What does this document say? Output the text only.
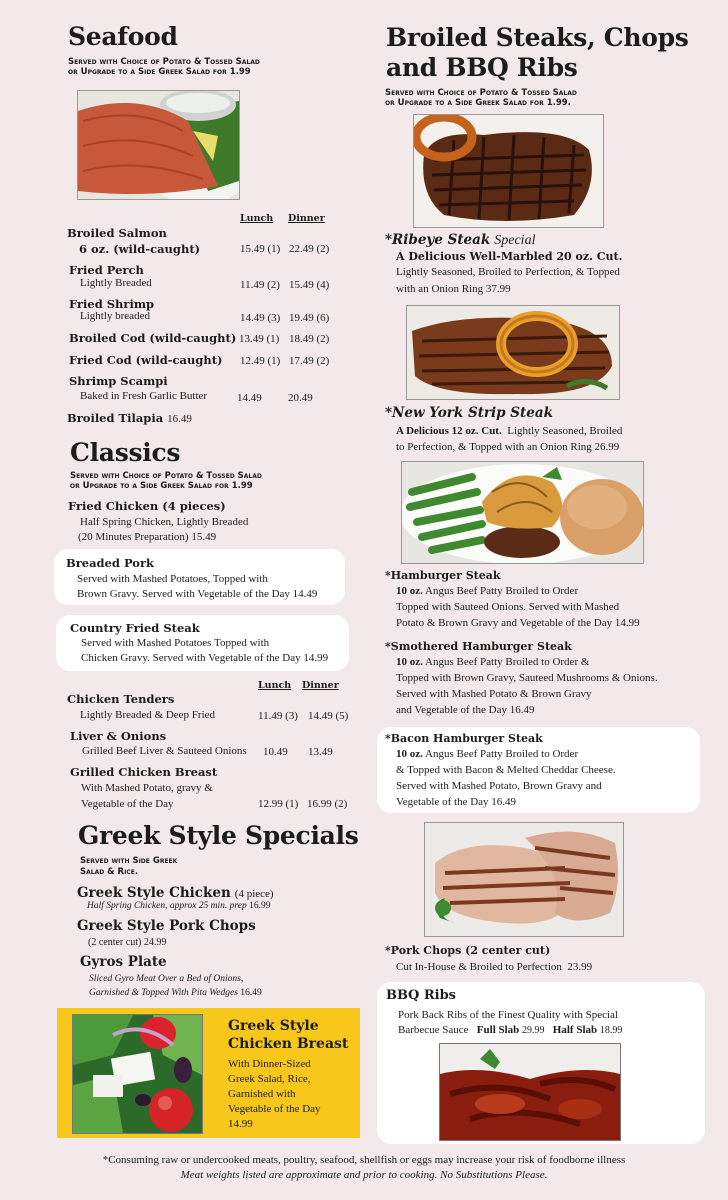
Seafood
Served with Choice of Potato & Tossed Salad
or Upgrade to a Side Greek Salad for 1.99
Lunch Dinner
Broiled Salmon
6 oz. (wild-caught)	15.49 (1) 22.49 (2)
Fried Perch
Lightly Breaded	11.49 (2) 15.49 (4)
Fried Shrimp
Lightly breaded	14.49 (3) 19.49 (6)
Broiled Cod (wild-caught) 13.49 (1) 18.49 (2)
Fried Cod (wild-caught) 12.49 (1) 17.49 (2)
Shrimp Scampi
Baked in Fresh Garlic Butter	14.49 20.49
Broiled Tilapia 16.49
Classics
Served with Choice of Potato & Tossed Salad
or Upgrade to a Side Greek Salad for 1.99
Fried Chicken (4 pieces)
Half Spring Chicken, Lightly Breaded
(20 Minutes Preparation) 15.49
Breaded Pork
Served with Mashed Potatoes, Topped with
Brown Gravy. Served with Vegetable of the Day 14.49
Country Fried Steak
Served with Mashed Potatoes Topped with
Chicken Gravy. Served with Vegetable of the Day 14.99
Lunch Dinner
Chicken Tenders
Lightly Breaded & Deep Fried	11.49 (3) 14.49 (5)
Liver & Onions
Grilled Beef Liver & Sauteed Onions 10.49 13.49
Grilled Chicken Breast
With Mashed Potato, gravy &
Vegetable of the Day	12.99 (1) 16.99 (2)
Greek Style Specials
Served with Side Greek
Salad & Rice.
Greek Style Chicken (4 piece)
Half Spring Chicken, approx 25 min. prep 16.99
Greek Style Pork Chops
(2 center cut) 24.99
Gyros Plate
Sliced Gyro Meat Over a Bed of Onions,
Garnished & Topped With Pita Wedges 16.49
Greek Style
Chicken Breast
With Dinner-Sized
Greek Salad, Rice,
Garnished with
Vegetable of the Day
14.99
Broiled Steaks, Chops
and BBQ Ribs
Served with Choice of Potato & Tossed Salad
or Upgrade to a Side Greek Salad for 1.99.
*Ribeye Steak Special
A Delicious Well-Marbled 20 oz. Cut.
Lightly Seasoned, Broiled to Perfection, & Topped
with an Onion Ring 37.99
*New York Strip Steak
A Delicious 12 oz. Cut. Lightly Seasoned, Broiled
to Perfection, & Topped with an Onion Ring 26.99
*Hamburger Steak
10 oz. Angus Beef Patty Broiled to Order
Topped with Sauteed Onions. Served with Mashed
Potato & Brown Gravy and Vegetable of the Day 14.99
*Smothered Hamburger Steak
10 oz. Angus Beef Patty Broiled to Order &
Topped with Brown Gravy, Sauteed Mushrooms & Onions.
Served with Mashed Potato & Brown Gravy
and Vegetable of the Day 16.49
*Bacon Hamburger Steak
10 oz. Angus Beef Patty Broiled to Order
& Topped with Bacon & Melted Cheddar Cheese.
Served with Mashed Potato, Brown Gravy and
Vegetable of the Day 16.49
*Pork Chops (2 center cut)
Cut In-House & Broiled to Perfection 23.99
BBQ Ribs
Pork Back Ribs of the Finest Quality with Special
Barbecue Sauce Full Slab 29.99 Half Slab 18.99
*Consuming raw or undercooked meats, poultry, seafood, shellfish or eggs may increase your risk of foodborne illness
Meat weights listed are approximate and prior to cooking. No Substitutions Please.
